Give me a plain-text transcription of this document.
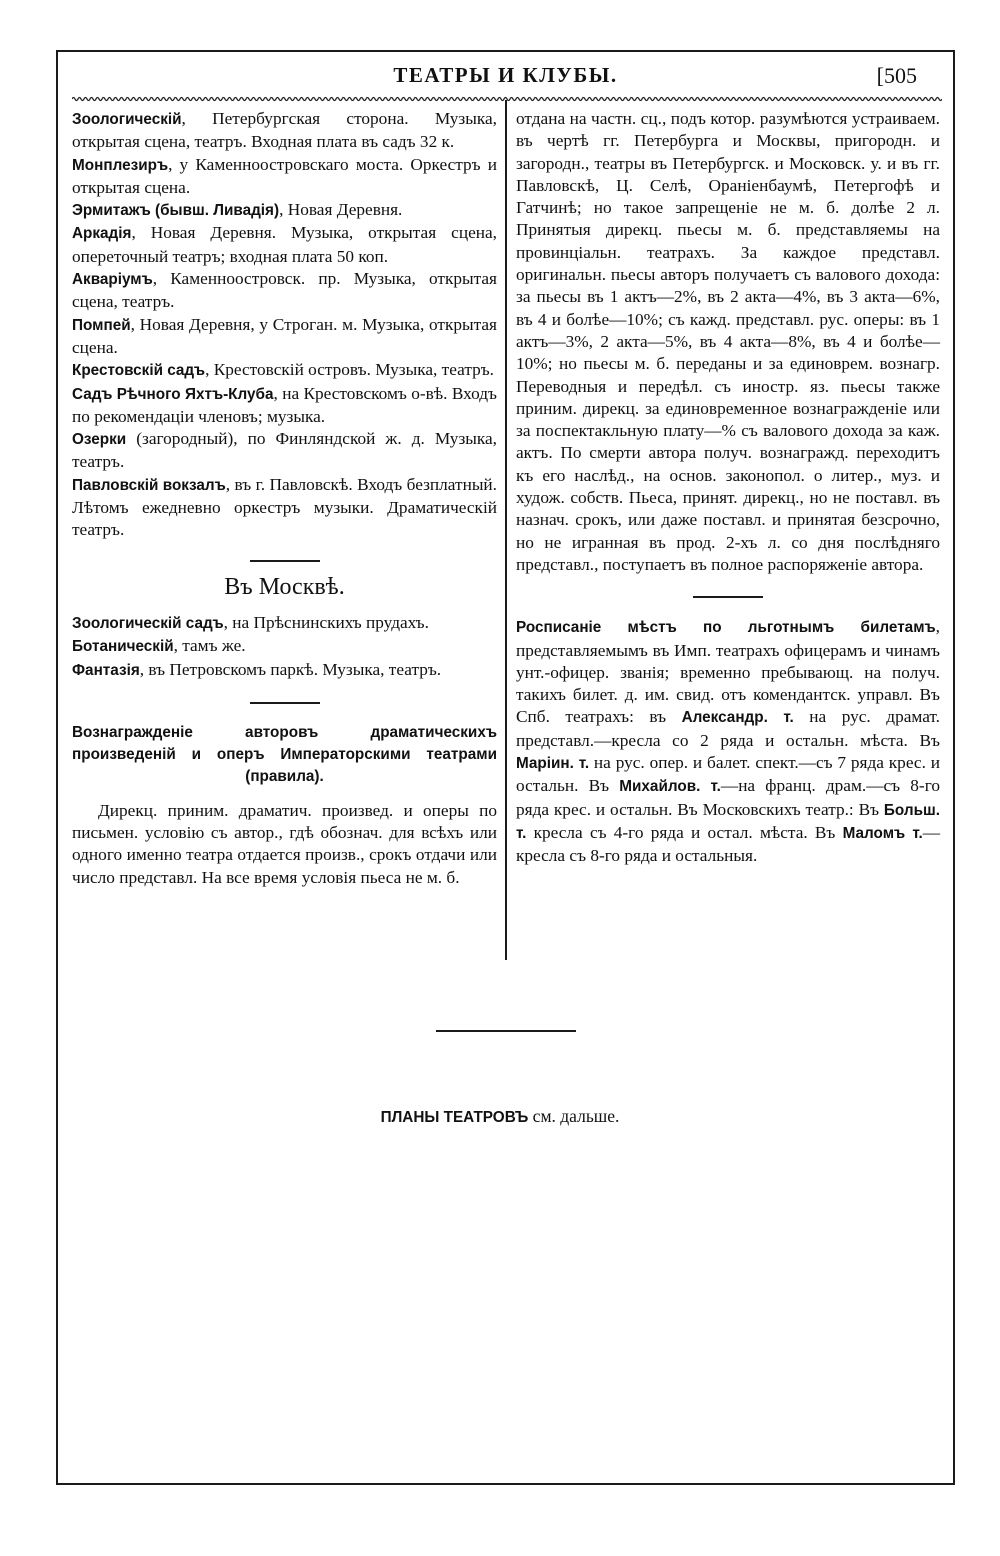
ТЕАТРЫ И КЛУБЫ.	[505

Зоологическій, Петербургская сторона. Музыка, открытая сцена, театръ. Входная плата въ садъ 32 к.

Монплезиръ, у Каменноостровскаго моста. Оркестръ и открытая сцена.

Эрмитажъ (бывш. Ливадія), Новая Деревня.

Аркадія, Новая Деревня. Музыка, открытая сцена, опереточный театръ; входная плата 50 коп.

Акваріумъ, Каменноостровск. пр. Музыка, открытая сцена, театръ.

Помпей, Новая Деревня, у Строган. м. Музыка, открытая сцена.

Крестовскій садъ, Крестовскій островъ. Музыка, театръ.

Садъ Рѣчного Яхтъ-Клуба, на Крестовскомъ о-вѣ. Входъ по рекомендаціи членовъ; музыка.

Озерки (загородный), по Финляндской ж. д. Музыка, театръ.

Павловскій вокзалъ, въ г. Павловскѣ. Входъ безплатный. Лѣтомъ ежедневно оркестръ музыки. Драматическій театръ.

Въ Москвѣ.

Зоологическій садъ, на Прѣснинскихъ прудахъ.

Ботаническій, тамъ же.

Фантазія, въ Петровскомъ паркѣ. Музыка, театръ.

Вознагражденіе авторовъ драматическихъ произведеній и оперъ Императорскими театрами (правила).

Дирекц. приним. драматич. произвед. и оперы по письмен. условію съ автор., гдѣ обознач. для всѣхъ или одного именно театра отдается произв., срокъ отдачи или число представл. На все время условія пьеса не м. б.

отдана на частн. сц., подъ котор. разумѣются устраиваем. въ чертѣ гг. Петербурга и Москвы, пригородн. и загородн., театры въ Петербургск. и Московск. у. и въ гг. Павловскѣ, Ц. Селѣ, Ораніенбаумѣ, Петергофѣ и Гатчинѣ; но такое запрещеніе не м. б. долѣе 2 л. Принятыя дирекц. пьесы м. б. представляемы на провинціальн. театрахъ. За каждое представл. оригинальн. пьесы авторъ получаетъ съ валового дохода: за пьесы въ 1 актъ—2%, въ 2 акта—4%, въ 3 акта—6%, въ 4 и болѣе—10%; съ кажд. представл. рус. оперы: въ 1 актъ—3%, 2 акта—5%, въ 4 акта—8%, въ 4 и болѣе—10%; но пьесы м. б. переданы и за единоврем. вознагр. Переводныя и передѣл. съ иностр. яз. пьесы также приним. дирекц. за единовременное вознагражденіе или за поспектакльную плату—% съ валового дохода за каж. актъ. По смерти автора получ. вознагражд. переходитъ къ его наслѣд., на основ. законопол. о литер., муз. и худож. собств. Пьеса, принят. дирекц., но не поставл. въ назнач. срокъ, или даже поставл. и принятая безсрочно, но не игранная въ прод. 2-хъ л. со дня послѣдняго представл., поступаетъ въ полное распоряженіе автора.

Росписаніе мѣстъ по льготнымъ билетамъ, представляемымъ въ Имп. театрахъ офицерамъ и чинамъ унт.-офицер. званія; временно пребывающ. на получ. такихъ билет. д. им. свид. отъ комендантск. управл. Въ Спб. театрахъ: въ Александр. т. на рус. драмат. представл.—кресла со 2 ряда и остальн. мѣста. Въ Маріин. т. на рус. опер. и балет. спект.—съ 7 ряда крес. и остальн. Въ Михайлов. т.—на франц. драм.—съ 8-го ряда крес. и остальн. Въ Московскихъ театр.: Въ Больш. т. кресла съ 4-го ряда и остал. мѣста. Въ Маломъ т.—кресла съ 8-го ряда и остальныя.

ПЛАНЫ ТЕАТРОВЪ см. дальше.
